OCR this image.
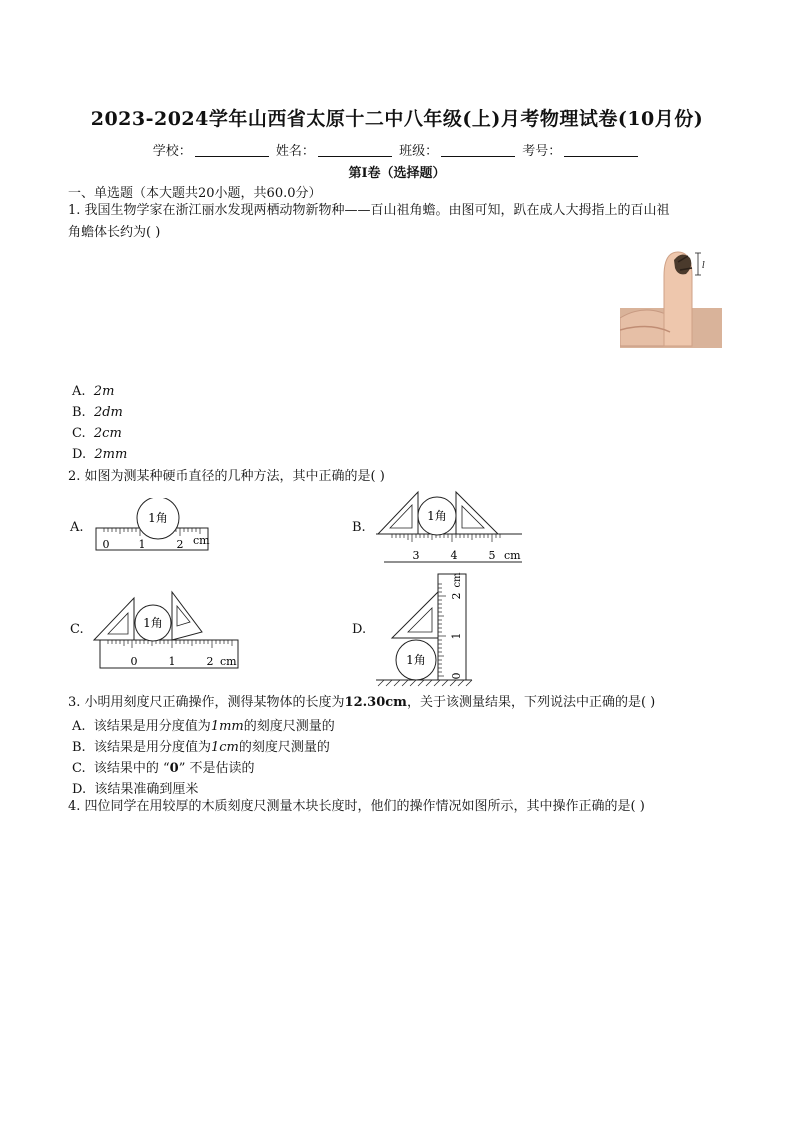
2023-2024学年山西省太原十二中八年级(上)月考物理试卷(10月份)
学校：	姓名：	班级：	考号：
第I卷（选择题）
一、单选题（本大题共20小题，共60.0分）
1. 我国生物学家在浙江丽水发现两栖动物新物种——百山祖角蟾。由图可知，趴在成人大拇指上的百山祖
角蟾体长约为( )
l
A. 2m
B. 2dm
C. 2cm
D. 2mm
2. 如图为测某种硬币直径的几种方法，其中正确的是( )
A.
1角
0	1	2 cm
B.
1角
3	4	5 cm
C.	1角
0	1	2 cm
D.
0
1
2
cm
1角
3. 小明用刻度尺正确操作，测得某物体的长度为12.30cm，关于该测量结果，下列说法中正确的是( )
A. 该结果是用分度值为1mm的刻度尺测量的
B. 该结果是用分度值为1cm的刻度尺测量的
C. 该结果中的 “0” 不是估读的
D. 该结果准确到厘米
4. 四位同学在用较厚的木质刻度尺测量木块长度时，他们的操作情况如图所示，其中操作正确的是( )
